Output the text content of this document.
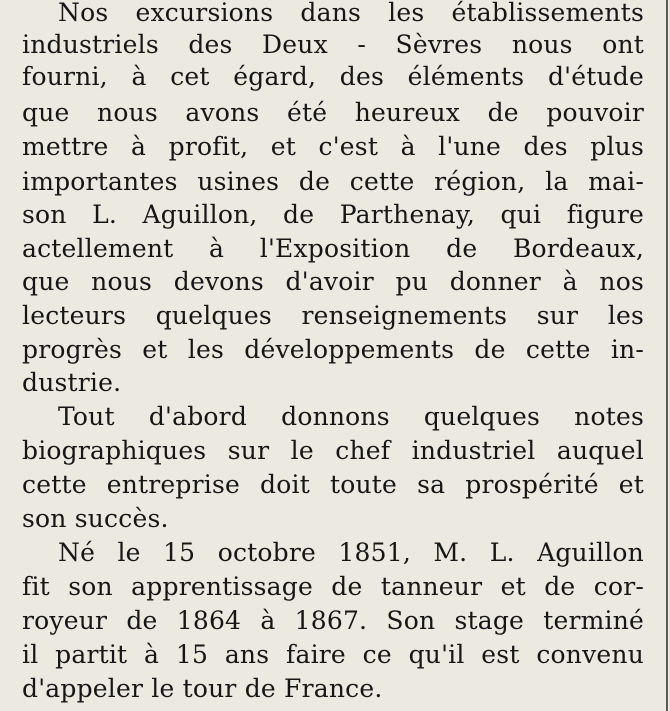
Nos excursions dans les établissements
industriels des Deux - Sèvres nous ont
fourni, à cet égard, des éléments d'étude
que nous avons été heureux de pouvoir
mettre à profit, et c'est à l'une des plus
importantes usines de cette région, la mai-
son L. Aguillon, de Parthenay, qui figure
actellement à l'Exposition de Bordeaux,
que nous devons d'avoir pu donner à nos
lecteurs quelques renseignements sur les
progrès et les développements de cette in-
dustrie.
Tout d'abord donnons quelques notes
biographiques sur le chef industriel auquel
cette entreprise doit toute sa prospérité et
son succès.
Né le 15 octobre 1851, M. L. Aguillon
fit son apprentissage de tanneur et de cor-
royeur de 1864 à 1867. Son stage terminé
il partit à 15 ans faire ce qu'il est convenu
d'appeler le tour de France.
